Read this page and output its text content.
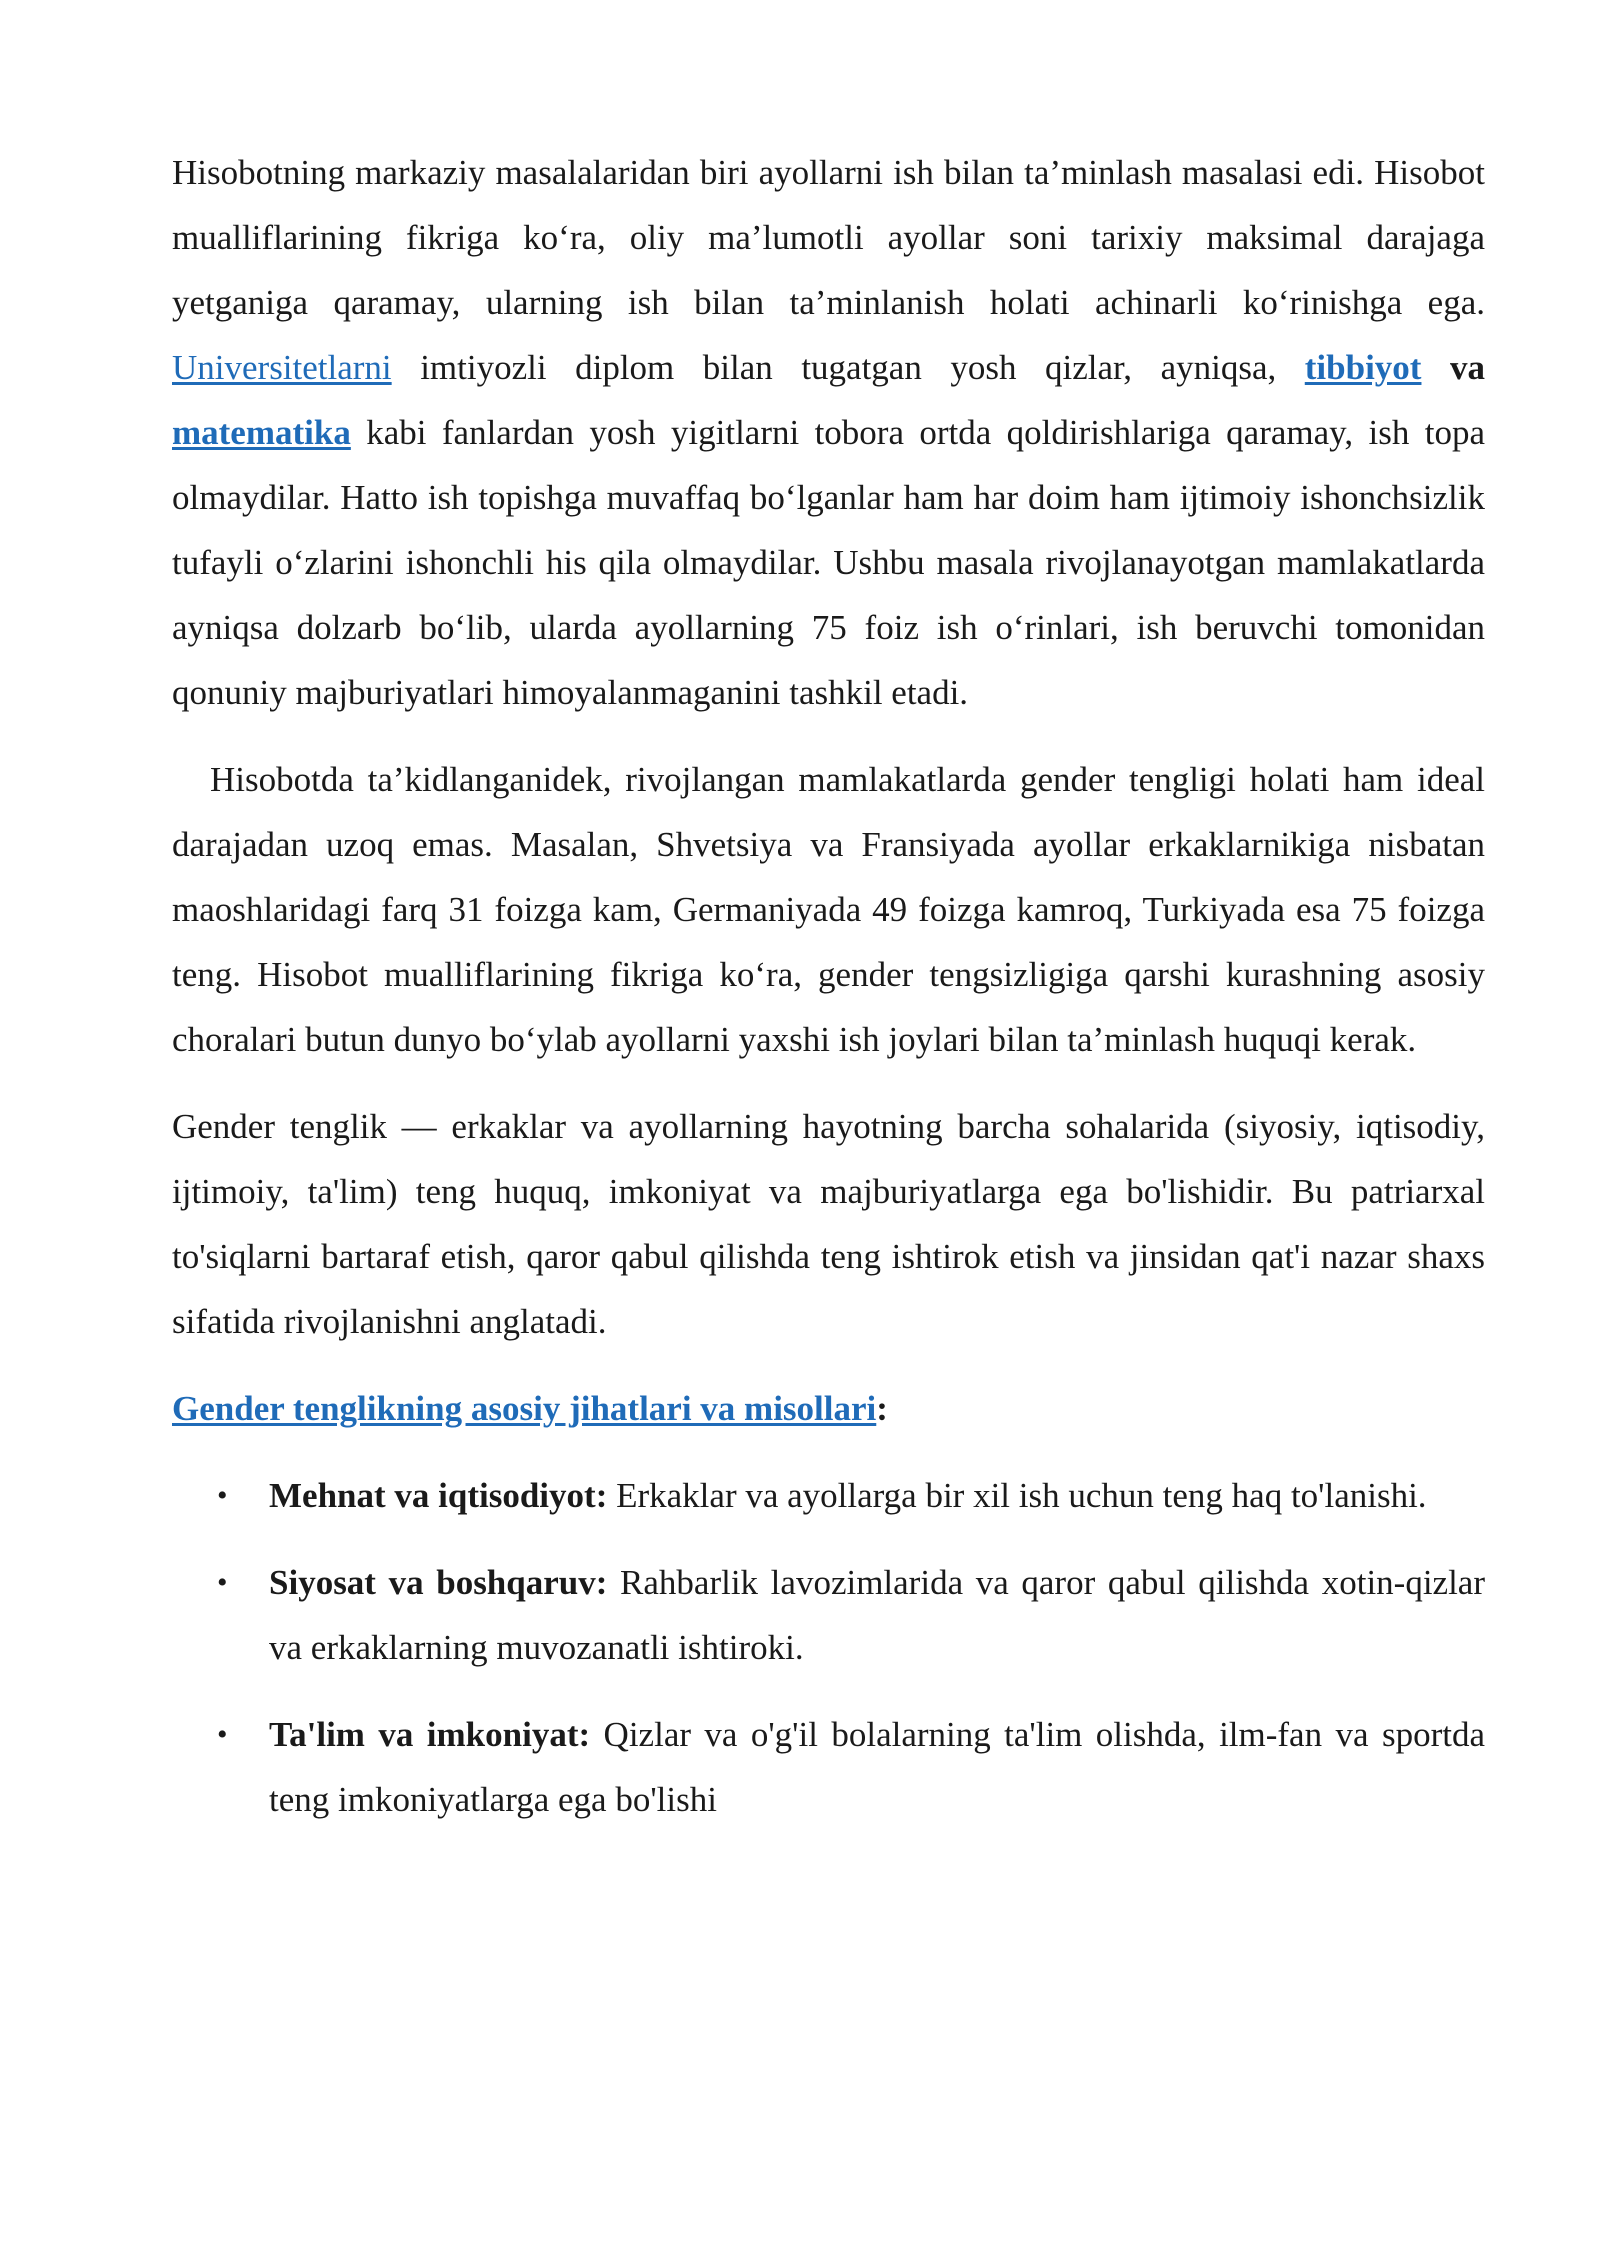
Hisobotning markaziy masalalaridan biri ayollarni ish bilan ta’minlash masalasi edi. Hisobot mualliflarining fikriga ko‘ra, oliy ma’lumotli ayollar soni tarixiy maksimal darajaga yetganiga qaramay, ularning ish bilan ta’minlanish holati achinarli ko‘rinishga ega. Universitetlarni imtiyozli diplom bilan tugatgan yosh qizlar, ayniqsa, tibbiyot va matematika kabi fanlardan yosh yigitlarni tobora ortda qoldirishlariga qaramay, ish topa olmaydilar. Hatto ish topishga muvaffaq bo‘lganlar ham har doim ham ijtimoiy ishonchsizlik tufayli o‘zlarini ishonchli his qila olmaydilar. Ushbu masala rivojlanayotgan mamlakatlarda ayniqsa dolzarb bo‘lib, ularda ayollarning 75 foiz ish o‘rinlari, ish beruvchi tomonidan qonuniy majburiyatlari himoyalanmaganini tashkil etadi.

Hisobotda ta’kidlanganidek, rivojlangan mamlakatlarda gender tengligi holati ham ideal darajadan uzoq emas. Masalan, Shvetsiya va Fransiyada ayollar erkaklarnikiga nisbatan maoshlaridagi farq 31 foizga kam, Germaniyada 49 foizga kamroq, Turkiyada esa 75 foizga teng. Hisobot mualliflarining fikriga ko‘ra, gender tengsizligiga qarshi kurashning asosiy choralari butun dunyo bo‘ylab ayollarni yaxshi ish joylari bilan ta’minlash huquqi kerak.

Gender tenglik — erkaklar va ayollarning hayotning barcha sohalarida (siyosiy, iqtisodiy, ijtimoiy, ta'lim) teng huquq, imkoniyat va majburiyatlarga ega bo'lishidir. Bu patriarxal to'siqlarni bartaraf etish, qaror qabul qilishda teng ishtirok etish va jinsidan qat'i nazar shaxs sifatida rivojlanishni anglatadi.

Gender tenglikning asosiy jihatlari va misollari:

• Mehnat va iqtisodiyot: Erkaklar va ayollarga bir xil ish uchun teng haq to'lanishi.
• Siyosat va boshqaruv: Rahbarlik lavozimlarida va qaror qabul qilishda xotin-qizlar va erkaklarning muvozanatli ishtiroki.
• Ta'lim va imkoniyat: Qizlar va o'g'il bolalarning ta'lim olishda, ilm-fan va sportda teng imkoniyatlarga ega bo'lishi
